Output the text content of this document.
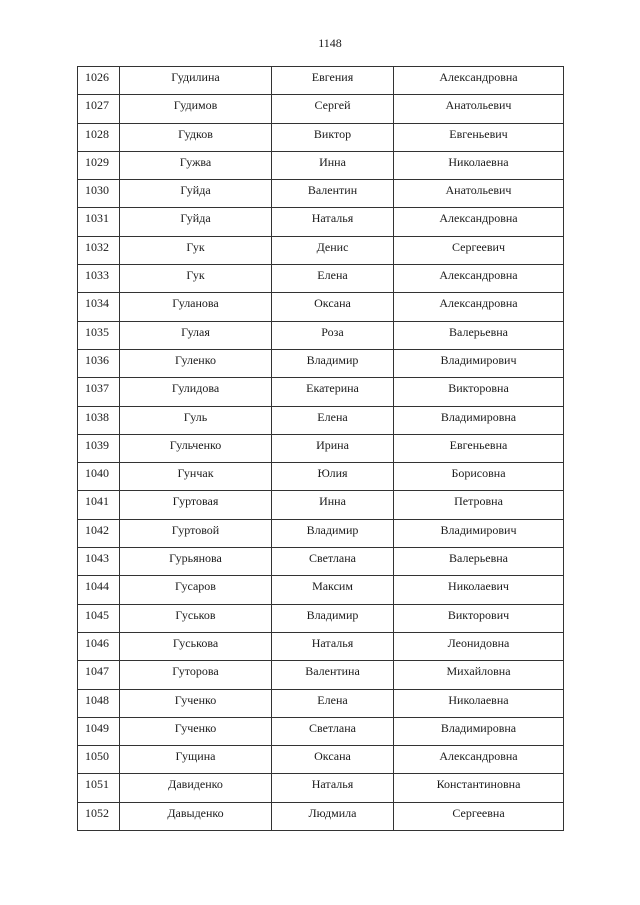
1148
1026	Гудилина	Евгения	Александровна

1027	Гудимов	Сергей	Анатольевич

1028	Гудков	Виктор	Евгеньевич

1029	Гужва	Инна	Николаевна

1030	Гуйда	Валентин	Анатольевич

1031	Гуйда	Наталья	Александровна

1032	Гук	Денис	Сергеевич

1033	Гук	Елена	Александровна

1034	Гуланова	Оксана	Александровна

1035	Гулая	Роза	Валерьевна

1036	Гуленко	Владимир	Владимирович

1037	Гулидова	Екатерина	Викторовна

1038	Гуль	Елена	Владимировна

1039	Гульченко	Ирина	Евгеньевна

1040	Гунчак	Юлия	Борисовна

1041	Гуртовая	Инна	Петровна

1042	Гуртовой	Владимир	Владимирович

1043	Гурьянова	Светлана	Валерьевна

1044	Гусаров	Максим	Николаевич

1045	Гуськов	Владимир	Викторович

1046	Гуськова	Наталья	Леонидовна

1047	Гуторова	Валентина	Михайловна

1048	Гученко	Елена	Николаевна

1049	Гученко	Светлана	Владимировна

1050	Гущина	Оксана	Александровна

1051	Давиденко	Наталья	Константиновна

1052	Давыденко	Людмила	Сергеевна
